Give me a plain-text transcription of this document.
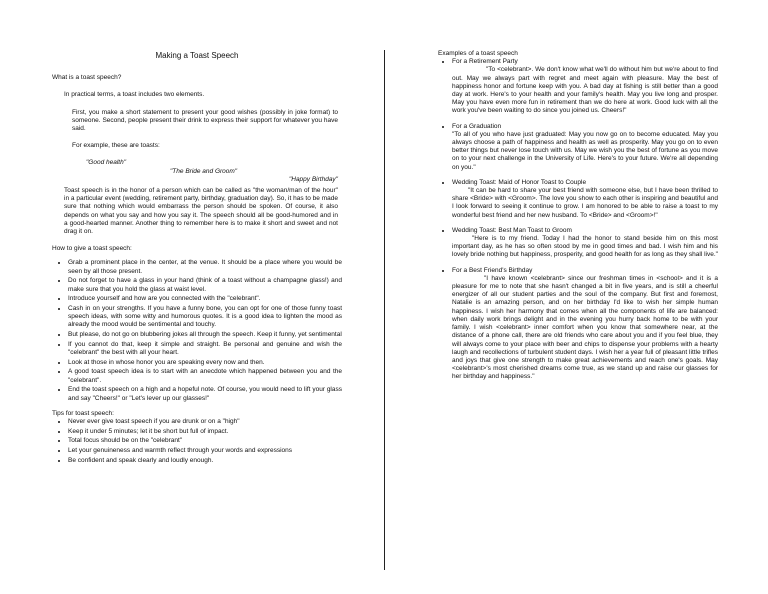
Making a Toast Speech

What is a toast speech?

In practical terms, a toast includes two elements.

First, you make a short statement to present your good wishes (possibly in joke format) to someone. Second, people present their drink to express their support for whatever you have said.

For example, these are toasts:

"Good health"

"The Bride and Groom"

"Happy Birthday"

Toast speech is in the honor of a person which can be called as "the woman/man of the hour" in a particular event (wedding, retirement party, birthday, graduation day). So, it has to be made sure that nothing which would embarrass the person should be spoken. Of course, it also depends on what you say and how you say it. The speech should all be good-humored and in a good-hearted manner. Another thing to remember here is to make it short and sweet and not drag it on.

How to give a toast speech:

• Grab a prominent place in the center, at the venue. It should be a place where you would be seen by all those present.
• Do not forget to have a glass in your hand (think of a toast without a champagne glass!) and make sure that you hold the glass at waist level.
• Introduce yourself and how are you connected with the "celebrant".
• Cash in on your strengths. If you have a funny bone, you can opt for one of those funny toast speech ideas, with some witty and humorous quotes. It is a good idea to lighten the mood as already the mood would be sentimental and touchy.
• But please, do not go on blubbering jokes all through the speech. Keep it funny, yet sentimental
• If you cannot do that, keep it simple and straight. Be personal and genuine and wish the "celebrant" the best with all your heart.
• Look at those in whose honor you are speaking every now and then.
• A good toast speech idea is to start with an anecdote which happened between you and the "celebrant".
• End the toast speech on a high and a hopeful note. Of course, you would need to lift your glass and say "Cheers!" or "Let's lever up our glasses!"

Tips for toast speech:

• Never ever give toast speech if you are drunk or on a "high"
• Keep it under 5 minutes; let it be short but full of impact.
• Total focus should be on the "celebrant"
• Let your genuineness and warmth reflect through your words and expressions
• Be confident and speak clearly and loudly enough.

Examples of a toast speech

• For a Retirement Party
"To <celebrant>. We don't know what we'll do without him but we're about to find out. May we always part with regret and meet again with pleasure. May the best of happiness honor and fortune keep with you. A bad day at fishing is still better than a good day at work. Here's to your health and your family's health. May you live long and prosper. May you have even more fun in retirement than we do here at work. Good luck with all the work you've been waiting to do since you joined us. Cheers!"
• For a Graduation
"To all of you who have just graduated: May you now go on to become educated. May you always choose a path of happiness and health as well as prosperity. May you go on to even better things but never lose touch with us. May we wish you the best of fortune as you move on to your next challenge in the University of Life. Here's to your future. We're all depending on you."
• Wedding Toast: Maid of Honor Toast to Couple
"It can be hard to share your best friend with someone else, but I have been thrilled to share <Bride> with <Groom>. The love you show to each other is inspiring and beautiful and I look forward to seeing it continue to grow. I am honored to be able to raise a toast to my wonderful best friend and her new husband. To <Bride> and <Groom>!"
• Wedding Toast: Best Man Toast to Groom
"Here is to my friend. Today I had the honor to stand beside him on this most important day, as he has so often stood by me in good times and bad. I wish him and his lovely bride nothing but happiness, prosperity, and good health for as long as they shall live."
• For a Best Friend's Birthday
"I have known <celebrant> since our freshman times in <school> and it is a pleasure for me to note that she hasn't changed a bit in five years, and is still a cheerful energizer of all our student parties and the soul of the company. But first and foremost, Natalie is an amazing person, and on her birthday I'd like to wish her simple human happiness. I wish her harmony that comes when all the components of life are balanced: when daily work brings delight and in the evening you hurry back home to be with your family. I wish <celebrant> inner comfort when you know that somewhere near, at the distance of a phone call, there are old friends who care about you and if you feel blue, they will always come to your place with beer and chips to dispense your problems with a hearty laugh and recollections of turbulent student days. I wish her a year full of pleasant little trifles and joys that give one strength to make great achievements and reach one's goals. May <celebrant>'s most cherished dreams come true, as we stand up and raise our glasses for her birthday and happiness."
